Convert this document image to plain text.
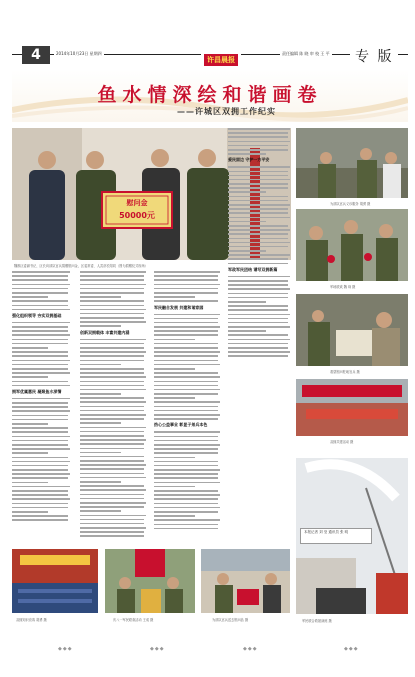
4	2014年10月23日 星期四
许昌晨报
责任编辑 陈 晓 审 校 王 平	专 版
鱼水情深绘和谐画卷
——许城区双拥工作纪实
慰问金
50000元
魏都区委副书记、区长向部队官兵捐赠慰问金，区委常委、人武部长陪同（图为捐赠仪式现场）
为部队官兵义诊服务 胡勇 摄
军地联欢 魏 琛 摄
看望慰问驻地官兵 摄
双拥共建活动 摄
军民联合救援演练 摄
双拥知识竞赛 胡勇 摄	庆八一军民联欢活动 王成 摄	为部队官兵送去慰问品 摄
强化组织领导 夯实双拥基础
拥军优属惠民 凝聚鱼水深情
创新双拥载体 丰富共建内涵
军民融合发展 共建和谐家园
热心公益事业 彰显子弟兵本色
爱民固边 守护一方平安
军政军民团结 谱写双拥新篇
本报记者 刘 莹 通讯员 张 明
◆◆◆	◆◆◆	◆◆◆	◆◆◆
